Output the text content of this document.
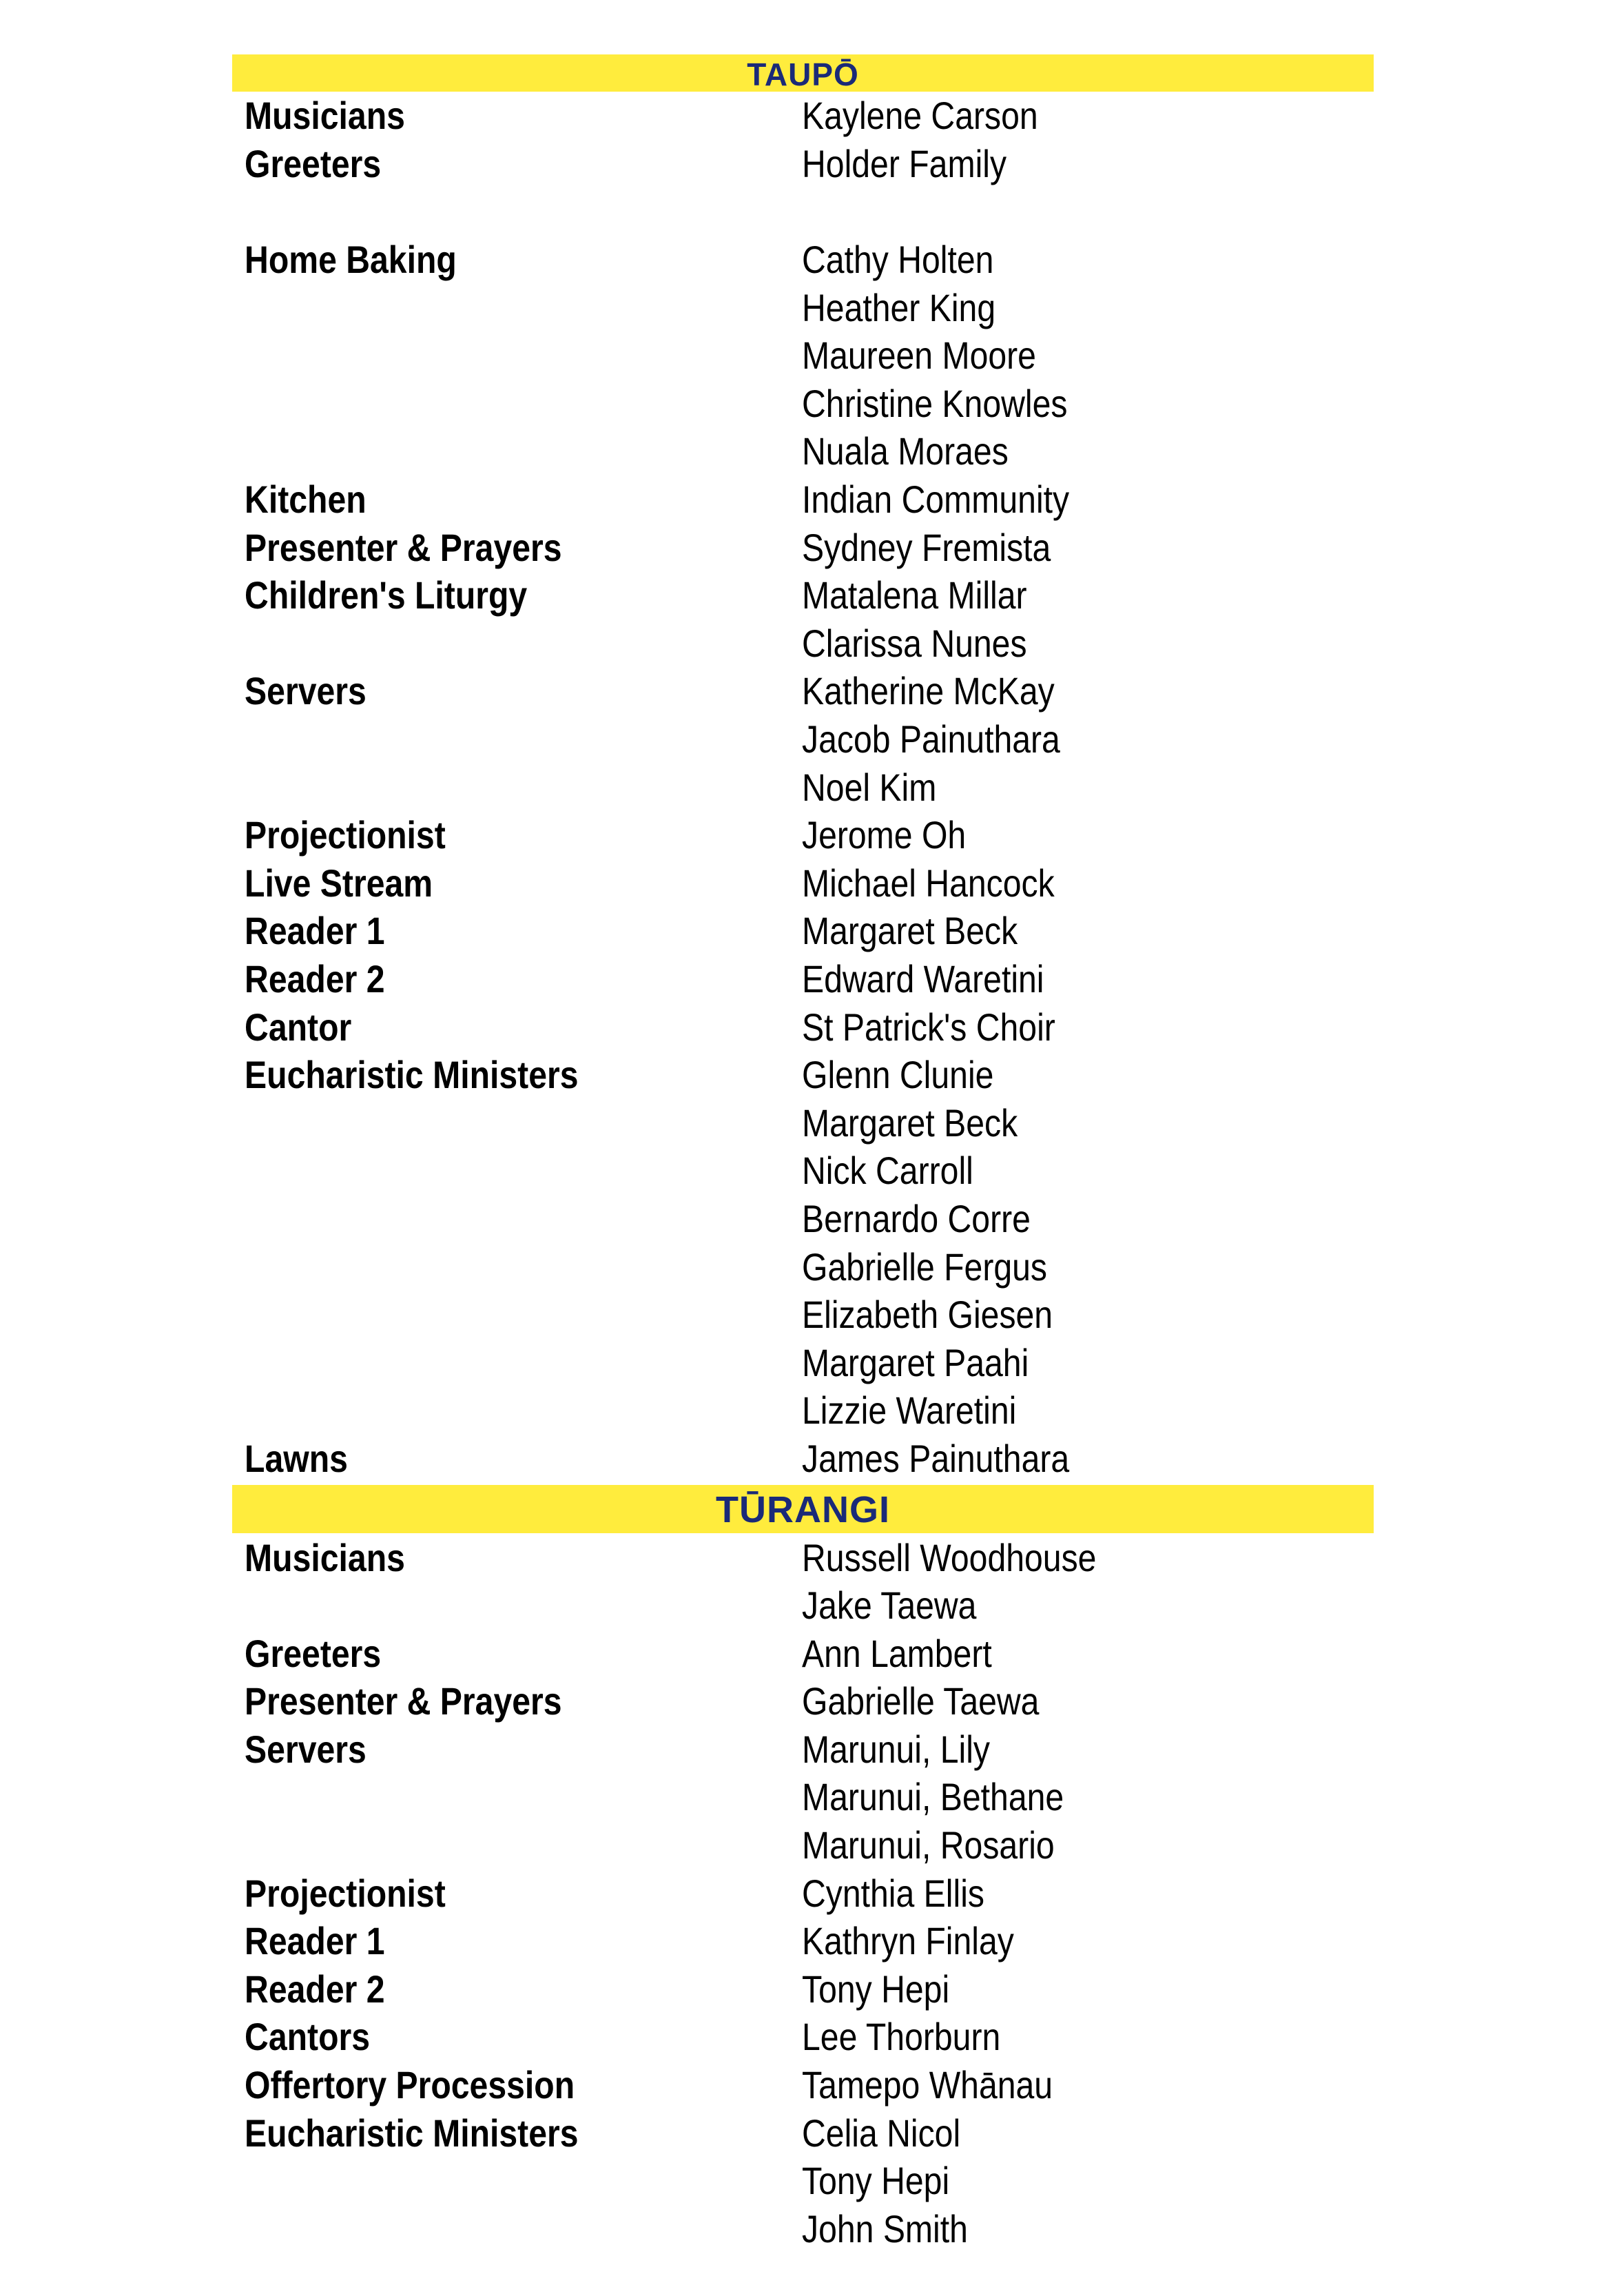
TAUPŌ
Musicians	Kaylene Carson
Greeters	Holder Family
Home Baking	Cathy Holten
Heather King
Maureen Moore
Christine Knowles
Nuala Moraes
Kitchen	Indian Community
Presenter & Prayers	Sydney Fremista
Children's Liturgy	Matalena Millar
Clarissa Nunes
Servers	Katherine McKay
Jacob Painuthara
Noel Kim
Projectionist	Jerome Oh
Live Stream	Michael Hancock
Reader 1	Margaret Beck
Reader 2	Edward Waretini
Cantor	St Patrick's Choir
Eucharistic Ministers	Glenn Clunie
Margaret Beck
Nick Carroll
Bernardo Corre
Gabrielle Fergus
Elizabeth Giesen
Margaret Paahi
Lizzie Waretini
Lawns	James Painuthara
TŪRANGI
Musicians	Russell Woodhouse
Jake Taewa
Greeters	Ann Lambert
Presenter & Prayers	Gabrielle Taewa
Servers	Marunui, Lily
Marunui, Bethane
Marunui, Rosario
Projectionist	Cynthia Ellis
Reader 1	Kathryn Finlay
Reader 2	Tony Hepi
Cantors	Lee Thorburn
Offertory Procession	Tamepo Whānau
Eucharistic Ministers	Celia Nicol
Tony Hepi
John Smith
